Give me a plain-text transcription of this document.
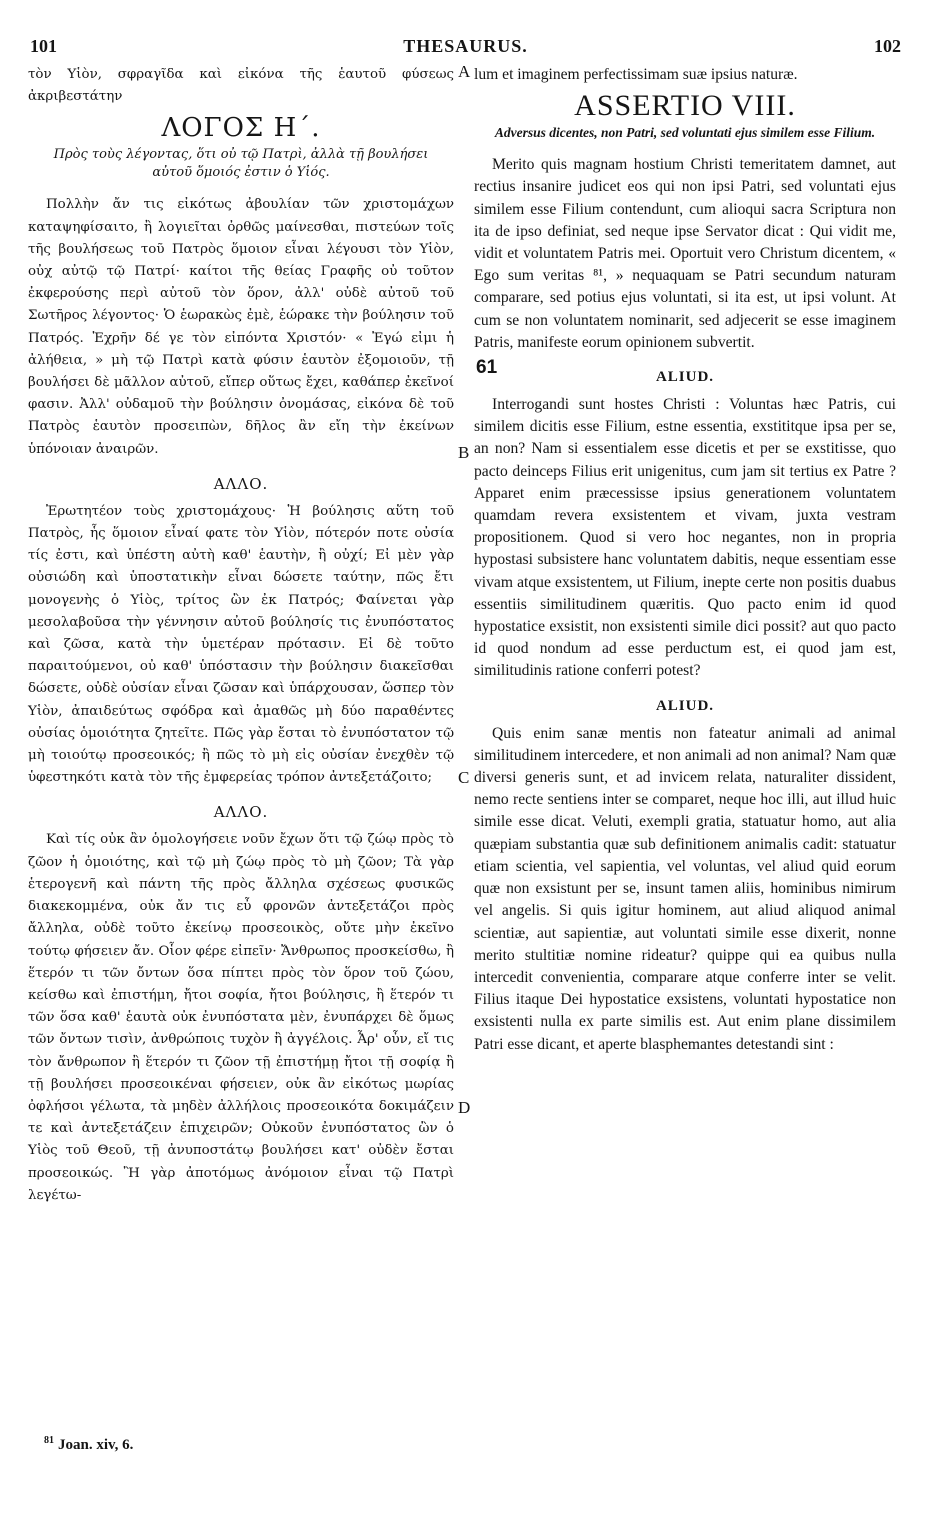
101	THESAURUS.	102

τὸν Υἱὸν, σφραγῖδα καὶ εἰκόνα τῆς ἑαυτοῦ φύσεως ἀκριβεστάτην

ΛΟΓΟΣ Η΄.
Πρὸς τοὺς λέγοντας, ὅτι οὐ τῷ Πατρὶ, ἀλλὰ τῇ βουλήσει αὐτοῦ ὅμοιός ἐστιν ὁ Υἱός.

Πολλὴν ἄν τις εἰκότως ἀβουλίαν τῶν χριστομάχων καταψηφίσαιτο, ἢ λογιεῖται ὀρθῶς μαίνεσθαι, πιστεύων τοῖς τῆς βουλήσεως τοῦ Πατρὸς ὅμοιον εἶναι λέγουσι τὸν Υἱὸν, οὐχ αὐτῷ τῷ Πατρί· καίτοι τῆς θείας Γραφῆς οὐ τοῦτον ἐκφερούσης περὶ αὐτοῦ τὸν ὅρον, ἀλλ' οὐδὲ αὐτοῦ τοῦ Σωτῆρος λέγοντος· Ὁ ἑωρακὼς ἐμὲ, ἑώρακε τὴν βούλησιν τοῦ Πατρός. Ἐχρῆν δέ γε τὸν εἰπόντα Χριστόν· « Ἐγώ εἰμι ἡ ἀλήθεια, » μὴ τῷ Πατρὶ κατὰ φύσιν ἑαυτὸν ἐξομοιοῦν, τῇ βουλήσει δὲ μᾶλλον αὐτοῦ, εἴπερ οὕτως ἔχει, καθάπερ ἐκεῖνοί φασιν. Ἀλλ' οὐδαμοῦ τὴν βούλησιν ὀνομάσας, εἰκόνα δὲ τοῦ Πατρὸς ἑαυτὸν προσειπὼν, δῆλος ἂν εἴη τὴν ἐκείνων ὑπόνοιαν ἀναιρῶν.

ΑΛΛΟ.

Ἐρωτητέον τοὺς χριστομάχους· Ἡ βούλησις αὕτη τοῦ Πατρὸς, ἧς ὅμοιον εἶναί φατε τὸν Υἱὸν, πότερόν ποτε οὐσία τίς ἐστι, καὶ ὑπέστη αὐτὴ καθ' ἑαυτὴν, ἢ οὐχί; Εἰ μὲν γὰρ οὐσιώδη καὶ ὑποστατικὴν εἶναι δώσετε ταύτην, πῶς ἔτι μονογενὴς ὁ Υἱὸς, τρίτος ὢν ἐκ Πατρός; Φαίνεται γὰρ μεσολαβοῦσα τὴν γέννησιν αὐτοῦ βούλησίς τις ἐνυπόστατος καὶ ζῶσα, κατὰ τὴν ὑμετέραν πρότασιν. Εἰ δὲ τοῦτο παραιτούμενοι, οὐ καθ' ὑπόστασιν τὴν βούλησιν διακεῖσθαι δώσετε, οὐδὲ οὐσίαν εἶναι ζῶσαν καὶ ὑπάρχουσαν, ὥσπερ τὸν Υἱὸν, ἀπαιδεύτως σφόδρα καὶ ἀμαθῶς μὴ δύο παραθέντες οὐσίας ὁμοιότητα ζητεῖτε. Πῶς γὰρ ἔσται τὸ ἐνυπόστατον τῷ μὴ τοιούτῳ προσεοικός; ἢ πῶς τὸ μὴ εἰς οὐσίαν ἐνεχθὲν τῷ ὑφεστηκότι κατὰ τὸν τῆς ἐμφερείας τρόπον ἀντεξετάζοιτο;

ΑΛΛΟ.

Καὶ τίς οὐκ ἂν ὁμολογήσειε νοῦν ἔχων ὅτι τῷ ζώῳ πρὸς τὸ ζῶον ἡ ὁμοιότης, καὶ τῷ μὴ ζώῳ πρὸς τὸ μὴ ζῶον; Τὰ γὰρ ἑτερογενῆ καὶ πάντη τῆς πρὸς ἄλληλα σχέσεως φυσικῶς διακεκομμένα, οὐκ ἄν τις εὖ φρονῶν ἀντεξετάζοι πρὸς ἄλληλα, οὐδὲ τοῦτο ἐκείνῳ προσεοικὸς, οὔτε μὴν ἐκεῖνο τούτῳ φήσειεν ἄν. Οἷον φέρε εἰπεῖν· Ἄνθρωπος προσκείσθω, ἢ ἕτερόν τι τῶν ὄντων ὅσα πίπτει πρὸς τὸν ὅρον τοῦ ζώου, κείσθω καὶ ἐπιστήμη, ἤτοι σοφία, ἤτοι βούλησις, ἢ ἕτερόν τι τῶν ὅσα καθ' ἑαυτὰ οὐκ ἐνυπόστατα μὲν, ἐνυπάρχει δὲ ὅμως τῶν ὄντων τισὶν, ἀνθρώποις τυχὸν ἢ ἀγγέλοις. Ἆρ' οὖν, εἴ τις τὸν ἄνθρωπον ἢ ἕτερόν τι ζῶον τῇ ἐπιστήμῃ ἤτοι τῇ σοφίᾳ ἢ τῇ βουλήσει προσεοικέναι φήσειεν, οὐκ ἂν εἰκότως μωρίας ὀφλήσοι γέλωτα, τὰ μηδὲν ἀλλήλοις προσεοικότα δοκιμάζειν τε καὶ ἀντεξετάζειν ἐπιχειρῶν; Οὐκοῦν ἐνυπόστατος ὢν ὁ Υἱὸς τοῦ Θεοῦ, τῇ ἀνυποστάτῳ βουλήσει κατ' οὐδὲν ἔσται προσεοικώς. Ἢ γὰρ ἀποτόμως ἀνόμοιον εἶναι τῷ Πατρὶ λεγέτω-

lum et imaginem perfectissimam suæ ipsius naturæ.

ASSERTIO VIII.
Adversus dicentes, non Patri, sed voluntati ejus similem esse Filium.

Merito quis magnam hostium Christi temeritatem damnet, aut rectius insanire judicet eos qui non ipsi Patri, sed voluntati ejus similem esse Filium contendunt, cum alioqui sacra Scriptura non ita de ipso definiat, sed neque ipse Servator dicat : Qui vidit me, vidit et voluntatem Patris mei. Oportuit vero Christum dicentem, « Ego sum veritas ⁸¹, » nequaquam se Patri secundum naturam comparare, sed potius ejus voluntati, si ita est, ut ipsi volunt. At cum se non voluntatem nominarit, sed adjecerit se esse imaginem Patris, manifeste eorum opinionem subvertit.

ALIUD.

Interrogandi sunt hostes Christi : Voluntas hæc Patris, cui similem dicitis esse Filium, estne essentia, exstititque ipsa per se, an non? Nam si essentialem esse dicetis et per se exstitisse, quo pacto deinceps Filius erit unigenitus, cum jam sit tertius ex Patre ? Apparet enim præcessisse ipsius generationem voluntatem quamdam revera exsistentem et vivam, juxta vestram propositionem. Quod si vero hoc negantes, non in propria hypostasi subsistere hanc voluntatem dabitis, neque essentiam esse vivam atque exsistentem, ut Filium, inepte certe non positis duabus essentiis similitudinem quæritis. Quo pacto enim id quod hypostatice exsistit, non exsistenti simile dici possit? aut quo pacto id quod nondum ad esse perductum est, ei quod jam est, similitudinis ratione conferri potest?

ALIUD.

Quis enim sanæ mentis non fateatur animali ad animal similitudinem intercedere, et non animali ad non animal? Nam quæ diversi generis sunt, et ad invicem relata, naturaliter dissident, nemo recte sentiens inter se comparet, neque hoc illi, aut illud huic simile esse dicat. Veluti, exempli gratia, statuatur homo, aut alia quæpiam substantia quæ sub definitionem animalis cadit: statuatur etiam scientia, vel sapientia, vel voluntas, vel aliud quid eorum quæ non exsistunt per se, insunt tamen aliis, hominibus nimirum vel angelis. Si quis igitur hominem, aut aliud aliquod animal scientiæ, aut sapientiæ, aut voluntati simile esse dixerit, nonne merito stultitiæ nomine rideatur? quippe qui ea quibus nulla intercedit convenientia, comparare atque conferre inter se velit. Filius itaque Dei hypostatice exsistens, voluntati hypostatice non exsistenti nulla ex parte similis est. Aut enim plane dissimilem Patri esse dicant, et aperte blasphemantes detestandi sint :

A
B
C
D
61
$^{81}$ Joan. xiv, 6.
